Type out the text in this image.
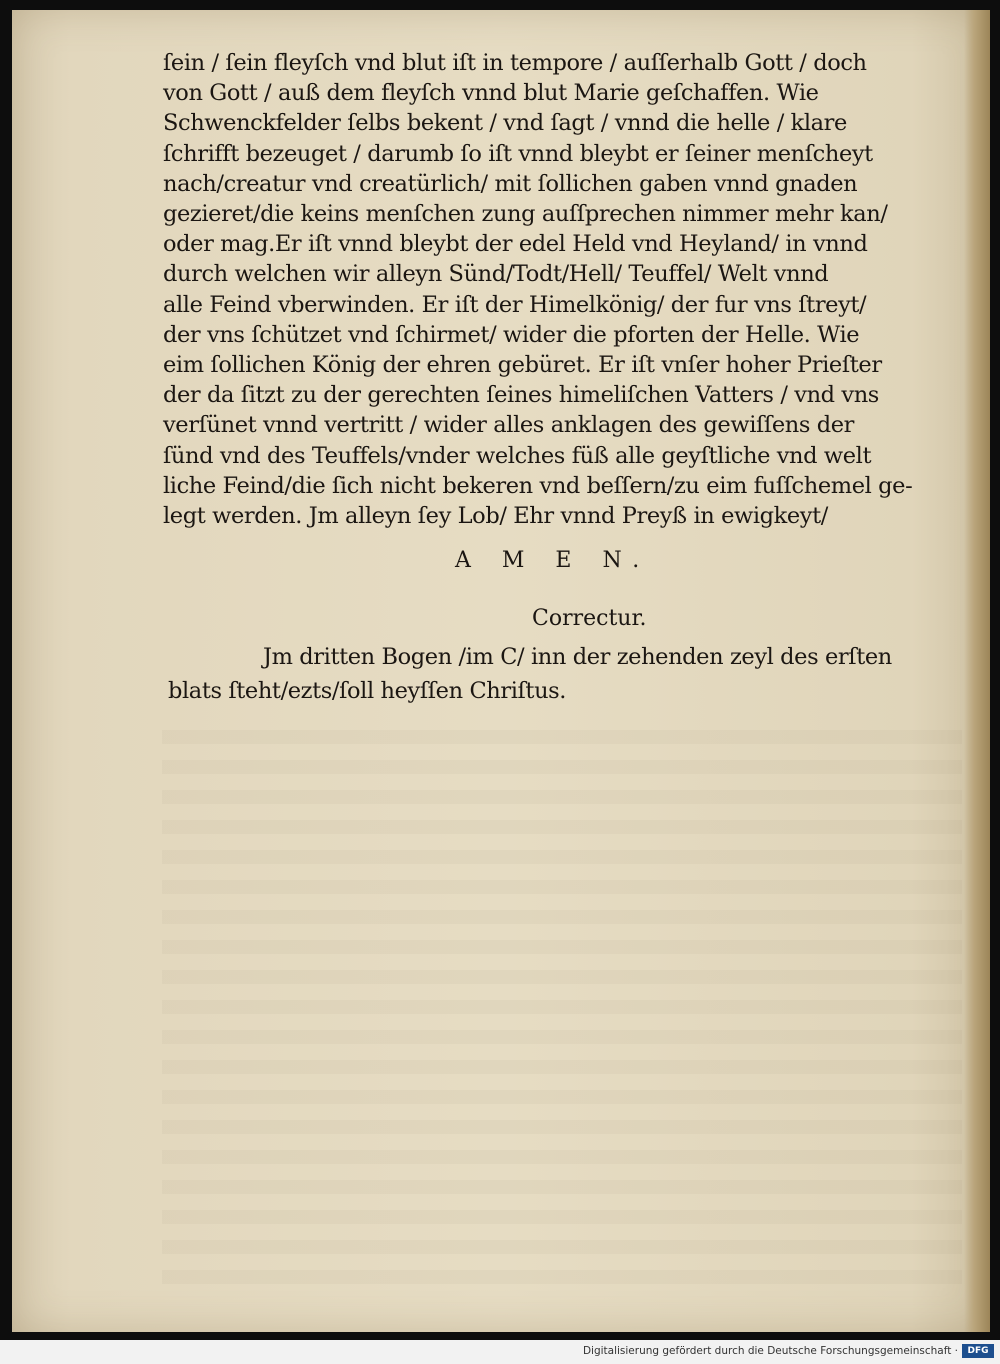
ſein / ſein fleyſch vnd blut iſt in tempore / auſſerhalb Gott / doch
von Gott / auß dem fleyſch vnnd blut Marie geſchaffen. Wie
Schwenckfelder ſelbs bekent / vnd ſagt / vnnd die helle / klare
ſchrifft bezeuget / darumb ſo iſt vnnd bleybt er ſeiner menſcheyt
nach/creatur vnd creatürlich/ mit ſollichen gaben vnnd gnaden
gezieret/die keins menſchen zung auſſprechen nimmer mehr kan/
oder mag.Er iſt vnnd bleybt der edel Held vnd Heyland/ in vnnd
durch welchen wir alleyn Sünd/Todt/Hell/ Teuffel/ Welt vnnd
alle Feind vberwinden. Er iſt der Himelkönig/ der fur vns ſtreyt/
der vns ſchützet vnd ſchirmet/ wider die pforten der Helle. Wie
eim ſollichen König der ehren gebüret. Er iſt vnſer hoher Prieſter
der da ſitzt zu der gerechten ſeines himeliſchen Vatters / vnd vns
verſünet vnnd vertritt / wider alles anklagen des gewiſſens der
ſünd vnd des Teuffels/vnder welches füß alle geyſtliche vnd welt
liche Feind/die ſich nicht bekeren vnd beſſern/zu eim fuſſchemel ge-
legt werden. Jm alleyn ſey Lob/ Ehr vnnd Preyß in ewigkeyt/
A M E N.
Correctur.
Jm dritten Bogen /im C/ inn der zehenden zeyl des erſten
blats ſteht/ezts/ſoll heyſſen Chriſtus.
Digitalisierung gefördert durch die Deutsche Forschungsgemeinschaft ·	DFG
